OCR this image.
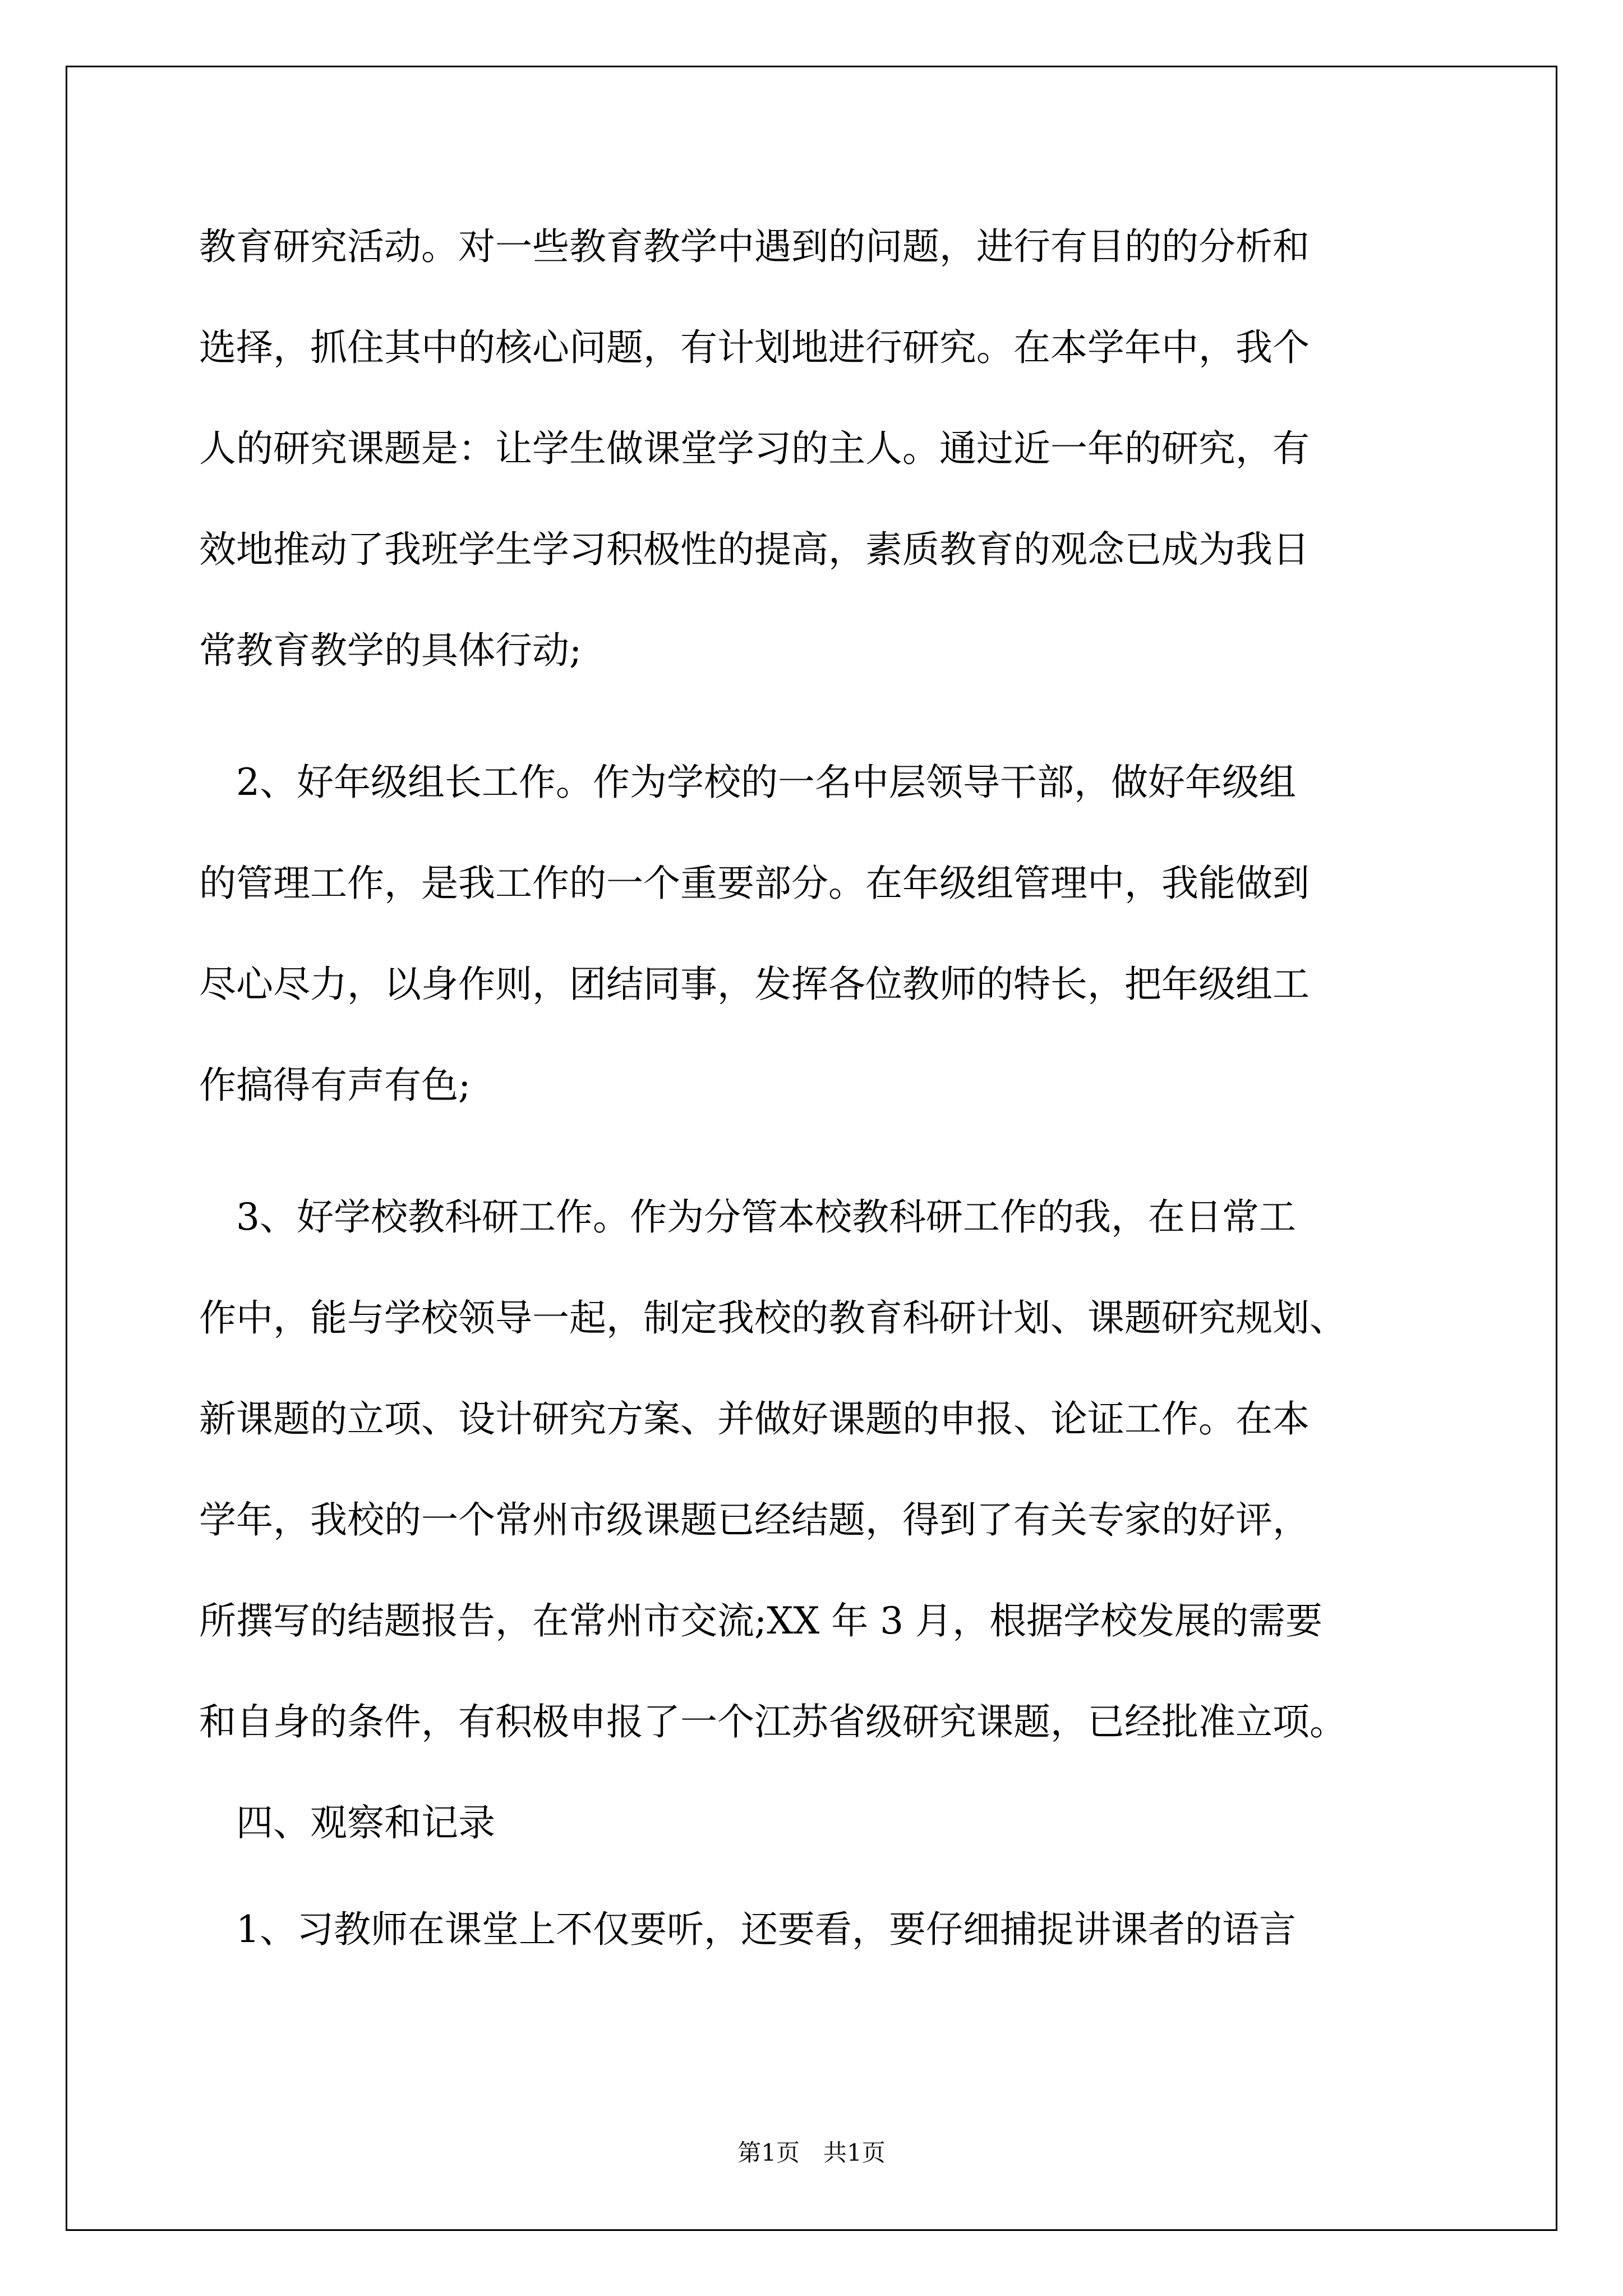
教育研究活动。对一些教育教学中遇到的问题，进行有目的的分析和

选择，抓住其中的核心问题，有计划地进行研究。在本学年中，我个

人的研究课题是：让学生做课堂学习的主人。通过近一年的研究，有

效地推动了我班学生学习积极性的提高，素质教育的观念已成为我日

常教育教学的具体行动;

　2、好年级组长工作。作为学校的一名中层领导干部，做好年级组

的管理工作，是我工作的一个重要部分。在年级组管理中，我能做到

尽心尽力，以身作则，团结同事，发挥各位教师的特长，把年级组工

作搞得有声有色;

　3、好学校教科研工作。作为分管本校教科研工作的我，在日常工

作中，能与学校领导一起，制定我校的教育科研计划、课题研究规划、

新课题的立项、设计研究方案、并做好课题的申报、论证工作。在本

学年，我校的一个常州市级课题已经结题，得到了有关专家的好评，

所撰写的结题报告，在常州市交流;XX 年 3 月，根据学校发展的需要

和自身的条件，有积极申报了一个江苏省级研究课题，已经批准立项。

　四、观察和记录

　1、习教师在课堂上不仅要听，还要看，要仔细捕捉讲课者的语言

第1页　共1页
